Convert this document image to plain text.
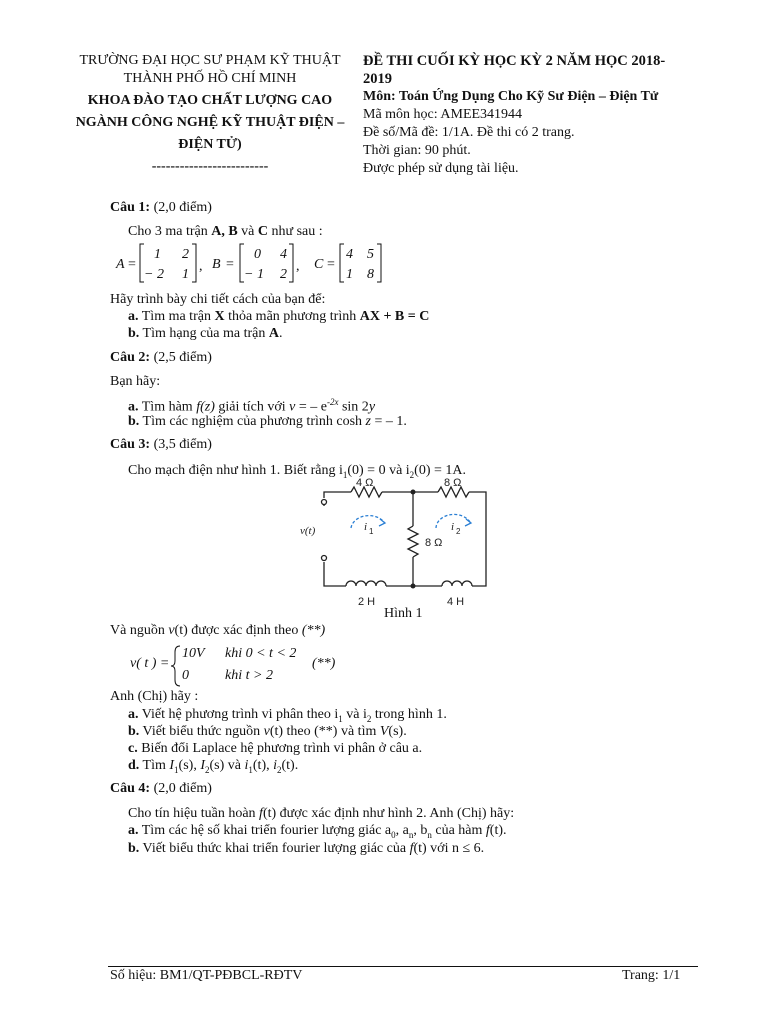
TRƯỜNG ĐẠI HỌC SƯ PHẠM KỸ THUẬT
THÀNH PHỐ HỒ CHÍ MINH
KHOA ĐÀO TẠO CHẤT LƯỢNG CAO
NGÀNH CÔNG NGHỆ KỸ THUẬT ĐIỆN –
ĐIỆN TỬ)
-------------------------
ĐỀ THI CUỐI KỲ HỌC KỲ 2 NĂM HỌC 2018-
2019
Môn: Toán Ứng Dụng Cho Kỹ Sư Điện – Điện Tử
Mã môn học: AMEE341944
Đề số/Mã đề: 1/1A. Đề thi có 2 trang.
Thời gian: 90 phút.
Được phép sử dụng tài liệu.
Câu 1: (2,0 điểm)
Cho 3 ma trận A, B và C như sau :
A =
1 2
− 2 1
, B =
0 4
− 1 2
, C =
4 5
1 8
Hãy trình bày chi tiết cách của bạn để:
a. Tìm ma trận X thỏa mãn phương trình AX + B = C
b. Tìm hạng của ma trận A.
Câu 2: (2,5 điểm)
Bạn hãy:
a. Tìm hàm f(z) giải tích với v = – $e^{-2x}$ sin 2y
b. Tìm các nghiệm của phương trình cosh z = – 1.
Câu 3: (3,5 điểm)
Cho mạch điện như hình 1. Biết rằng $i_1(0) = 0$ và $i_2(0) = 1A$.
4 Ω	8 Ω
8 Ω
2 H	4 H
v(t)	i 1	i 2
Hình 1
Và nguồn v(t) được xác định theo (**)
v( t ) =
10V khi 0 < t < 2
0	khi t > 2
(**)
Anh (Chị) hãy :
a. Viết hệ phương trình vi phân theo $i_1$ và $i_2$ trong hình 1.
b. Viết biểu thức nguồn v(t) theo (**) và tìm V(s).
c. Biến đổi Laplace hệ phương trình vi phân ở câu a.
d. Tìm $I_1(s)$, $I_2(s)$ và $i_1(t)$, $i_2(t)$.
Câu 4: (2,0 điểm)
Cho tín hiệu tuần hoàn f(t) được xác định như hình 2. Anh (Chị) hãy:
a. Tìm các hệ số khai triển fourier lượng giác $a_0$, $a_n$, $b_n$ của hàm f(t).
b. Viết biểu thức khai triển fourier lượng giác của f(t) với n ≤ 6.
Số hiệu: BM1/QT-PĐBCL-RĐTV	Trang: 1/1
